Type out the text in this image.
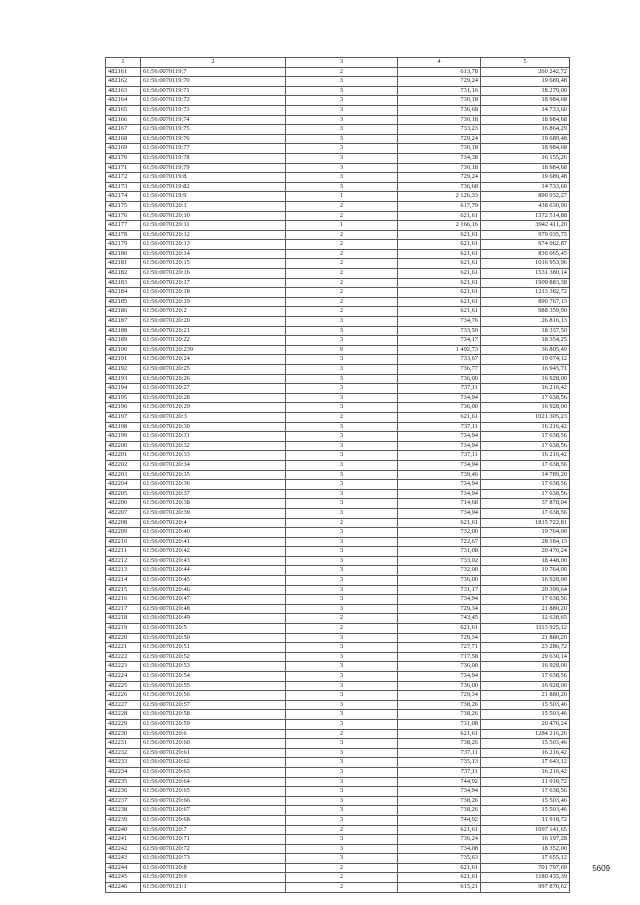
1	2	3	4	5
482161	61:56:0070119:7	2	613,78	260 242,72
482162	61:56:0070119:70	3	729,24	19 689,48
482163	61:56:0070119:71	3	731,16	18 279,00
482164	61:56:0070119:72	3	730,18	18 984,68
482165	61:56:0070119:73	3	736,68	14 733,60
482166	61:56:0070119:74	3	730,18	18 984,68
482167	61:56:0070119:75	3	733,23	16 864,29
482168	61:56:0070119:76	3	729,24	19 689,48
482169	61:56:0070119:77	3	730,18	18 984,68
482170	61:56:0070119:78	3	734,38	16 155,26
482171	61:56:0070119:79	3	730,18	18 984,68
482172	61:56:0070119:8	3	729,24	19 689,48
482173	61:56:0070119:82	3	736,68	14 733,60
482174	61:56:0070119:9	1	2 126,33	890 932,27
482175	61:56:0070120:1	2	617,79	438 630,90
482176	61:56:0070120:10	2	621,61	1372 514,88
482177	61:56:0070120:11	1	2 166,16	3942 411,20
482178	61:56:0070120:12	2	621,61	979 035,75
482179	61:56:0070120:13	2	621,61	974 062,87
482180	61:56:0070120:14	2	621,61	836 065,45
482181	61:56:0070120:15	2	621,61	1016 953,96
482182	61:56:0070120:16	2	621,61	1531 380,14
482183	61:56:0070120:17	2	621,61	1909 883,38
482184	61:56:0070120:18	2	621,61	1213 382,72
482185	61:56:0070120:19	2	621,61	890 767,13
482186	61:56:0070120:2	2	621,61	988 359,90
482187	61:56:0070120:20	3	734,76	26 816,13
482188	61:56:0070120:21	3	733,50	18 337,50
482189	61:56:0070120:22	3	734,17	18 354,25
482190	61:56:0070120:239	9	1 492,73	36 805,49
482191	61:56:0070120:24	3	733,67	19 074,12
482192	61:56:0070120:25	3	736,77	16 945,71
482193	61:56:0070120:26	3	736,00	16 928,00
482194	61:56:0070120:27	3	737,11	16 216,42
482195	61:56:0070120:28	3	734,94	17 638,56
482196	61:56:0070120:29	3	736,00	16 928,00
482197	61:56:0070120:3	2	621,61	1021 305,23
482198	61:56:0070120:30	3	737,11	16 216,42
482199	61:56:0070120:31	3	734,94	17 638,56
482200	61:56:0070120:32	3	734,94	17 638,56
482201	61:56:0070120:33	3	737,11	16 216,42
482202	61:56:0070120:34	3	734,94	17 638,56
482203	61:56:0070120:35	3	739,46	14 789,20
482204	61:56:0070120:36	3	734,94	17 638,56
482205	61:56:0070120:37	3	734,94	17 638,56
482206	61:56:0070120:38	3	714,68	37 878,04
482207	61:56:0070120:39	3	734,94	17 638,56
482208	61:56:0070120:4	2	621,61	1815 722,81
482209	61:56:0070120:40	3	732,00	19 764,00
482210	61:56:0070120:41	3	722,67	28 184,13
482211	61:56:0070120:42	3	731,08	20 470,24
482212	61:56:0070120:43	3	733,02	18 448,00
482213	61:56:0070120:44	3	732,00	19 764,00
482214	61:56:0070120:45	3	736,00	16 928,00
482215	61:56:0070120:46	3	731,17	20 399,64
482216	61:56:0070120:47	3	734,94	17 638,56
482217	61:56:0070120:48	3	729,34	21 880,20
482218	61:56:0070120:49	2	743,45	12 638,65
482219	61:56:0070120:5	2	621,61	1113 925,12
482220	61:56:0070120:50	3	729,34	21 880,20
482221	61:56:0070120:51	3	727,71	23 286,72
482222	61:56:0070120:52	3	717,58	29 630,14
482223	61:56:0070120:53	3	736,00	16 928,00
482224	61:56:0070120:54	3	734,94	17 638,56
482225	61:56:0070120:55	3	736,00	16 928,00
482226	61:56:0070120:56	3	729,34	21 880,20
482227	61:56:0070120:57	3	738,26	15 503,46
482228	61:56:0070120:58	3	738,26	15 503,46
482229	61:56:0070120:59	3	731,08	20 470,24
482230	61:56:0070120:6	2	621,61	1284 216,26
482231	61:56:0070120:60	3	738,26	15 503,46
482232	61:56:0070120:61	3	737,11	16 216,42
482233	61:56:0070120:62	3	735,13	17 643,12
482234	61:56:0070120:63	3	737,11	16 216,42
482235	61:56:0070120:64	3	744,92	11 918,72
482236	61:56:0070120:65	3	734,94	17 638,56
482237	61:56:0070120:66	3	738,26	15 503,46
482238	61:56:0070120:67	3	738,26	15 503,46
482239	61:56:0070120:68	3	744,92	11 918,72
482240	61:56:0070120:7	2	621,61	1097 141,65
482241	61:56:0070120:71	3	736,24	16 197,28
482242	61:56:0070120:72	3	734,08	18 352,00
482243	61:56:0070120:73	3	735,63	17 655,12
482244	61:56:0070120:8	2	621,61	701 797,69
482245	61:56:0070120:9	2	621,61	1180 435,39
482246	61:56:0070121:1	2	615,21	997 870,62
5609
